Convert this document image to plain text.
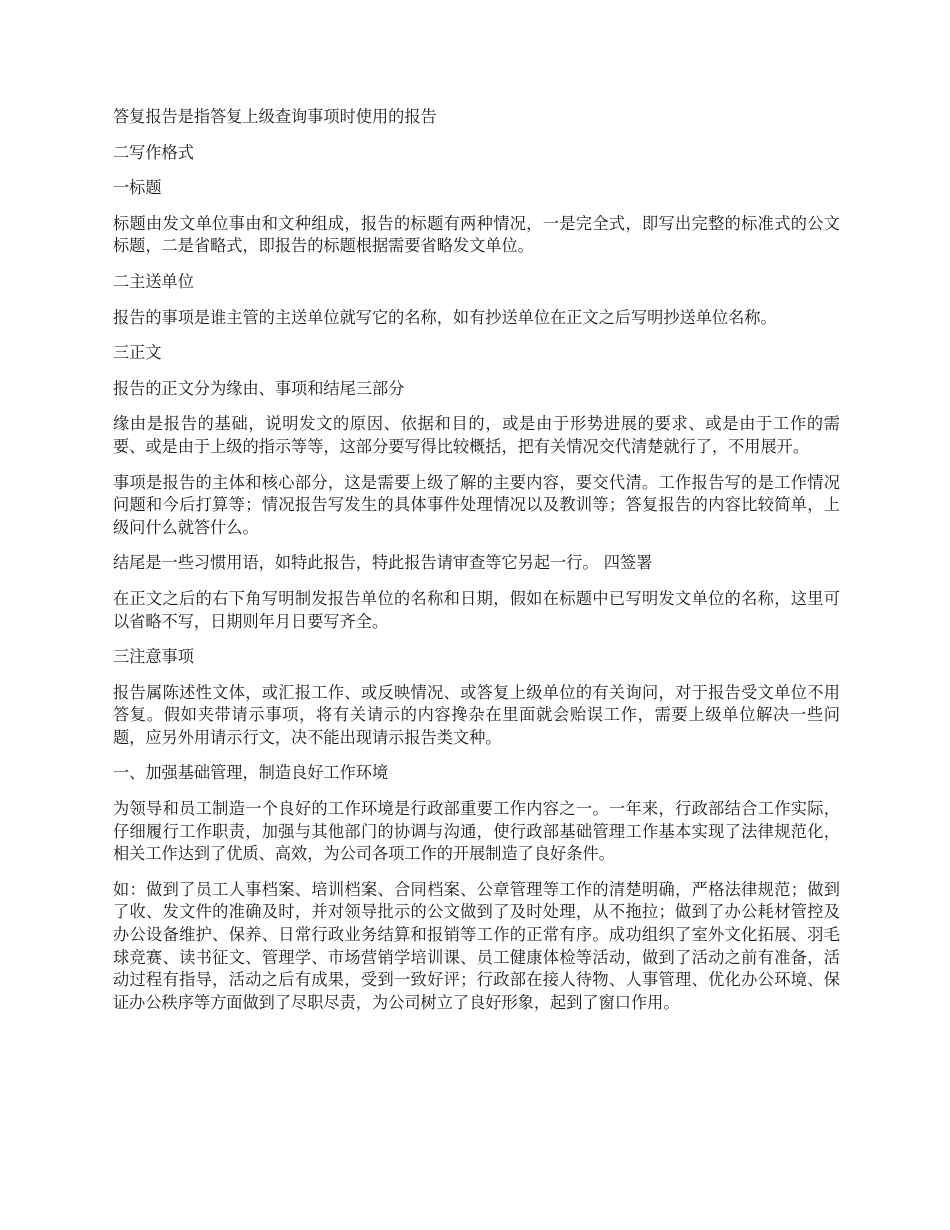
答复报告是指答复上级查询事项时使用的报告

二写作格式

一标题

标题由发文单位事由和文种组成，报告的标题有两种情况，一是完全式，即写出完整的标准式的公文标题，二是省略式，即报告的标题根据需要省略发文单位。

二主送单位

报告的事项是谁主管的主送单位就写它的名称，如有抄送单位在正文之后写明抄送单位名称。

三正文

报告的正文分为缘由、事项和结尾三部分

缘由是报告的基础，说明发文的原因、依据和目的，或是由于形势进展的要求、或是由于工作的需要、或是由于上级的指示等等，这部分要写得比较概括，把有关情况交代清楚就行了，不用展开。

事项是报告的主体和核心部分，这是需要上级了解的主要内容，要交代清。工作报告写的是工作情况问题和今后打算等；情况报告写发生的具体事件处理情况以及教训等；答复报告的内容比较简单，上级问什么就答什么。

结尾是一些习惯用语，如特此报告，特此报告请审查等它另起一行。 四签署

在正文之后的右下角写明制发报告单位的名称和日期，假如在标题中已写明发文单位的名称，这里可以省略不写，日期则年月日要写齐全。

三注意事项

报告属陈述性文体，或汇报工作、或反映情况、或答复上级单位的有关询问，对于报告受文单位不用答复。假如夹带请示事项，将有关请示的内容搀杂在里面就会贻误工作，需要上级单位解决一些问题，应另外用请示行文，决不能出现请示报告类文种。

一、加强基础管理，制造良好工作环境

为领导和员工制造一个良好的工作环境是行政部重要工作内容之一。一年来，行政部结合工作实际，仔细履行工作职责，加强与其他部门的协调与沟通，使行政部基础管理工作基本实现了法律规范化，相关工作达到了优质、高效，为公司各项工作的开展制造了良好条件。

如：做到了员工人事档案、培训档案、合同档案、公章管理等工作的清楚明确，严格法律规范；做到了收、发文件的准确及时，并对领导批示的公文做到了及时处理，从不拖拉；做到了办公耗材管控及办公设备维护、保养、日常行政业务结算和报销等工作的正常有序。成功组织了室外文化拓展、羽毛球竞赛、读书征文、管理学、市场营销学培训课、员工健康体检等活动，做到了活动之前有准备，活动过程有指导，活动之后有成果，受到一致好评；行政部在接人待物、人事管理、优化办公环境、保证办公秩序等方面做到了尽职尽责，为公司树立了良好形象，起到了窗口作用。
